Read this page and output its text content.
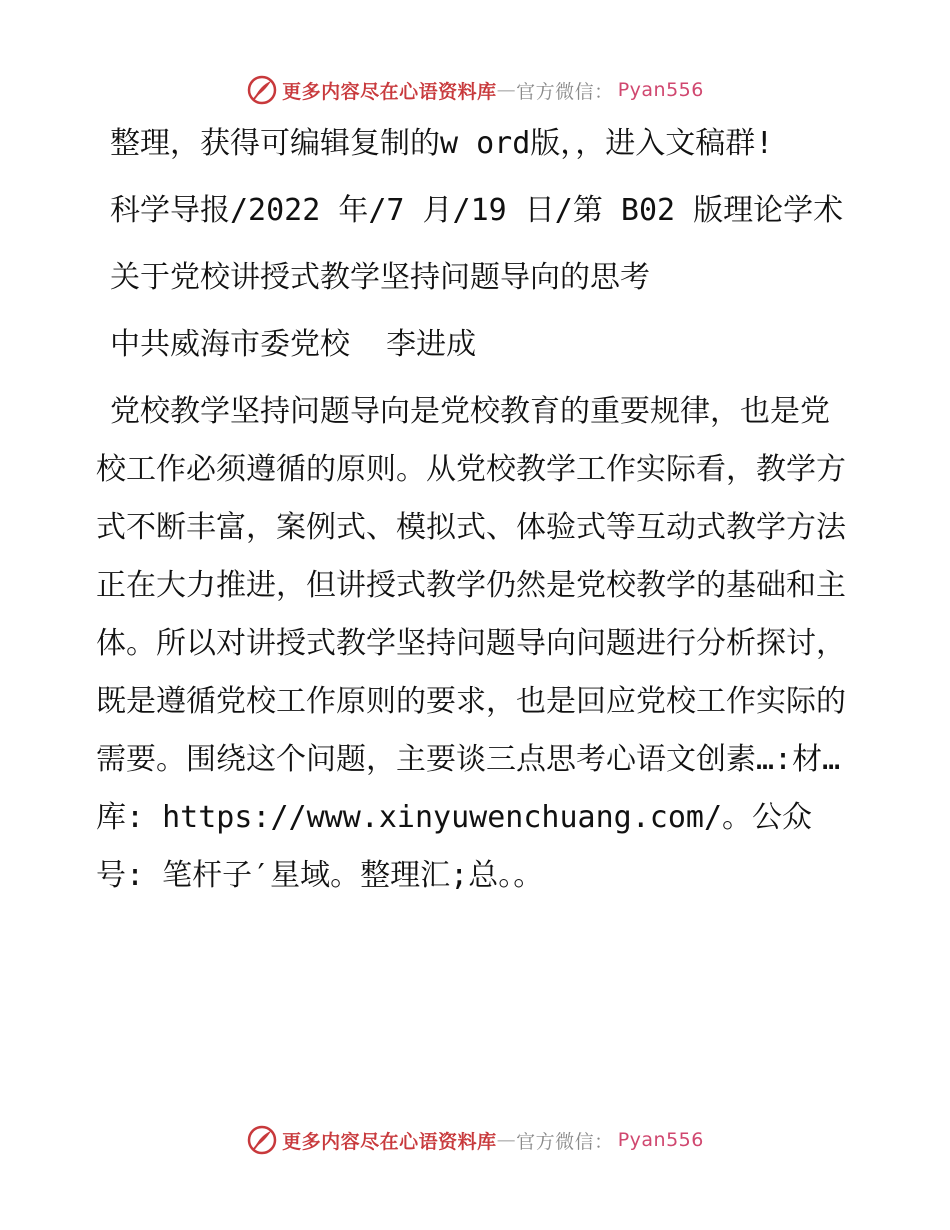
更多内容尽在心语资料库 — 官方微信 ： Pyan556

整理，获得可编辑复制的w ord版，，进入文稿群!

科学导报/2022 年/7 月/19 日/第 B02 版理论学术

关于党校讲授式教学坚持问题导向的思考

中共威海市委党校  李进成

党校教学坚持问题导向是党校教育的重要规律，也是党校工作必须遵循的原则。从党校教学工作实际看，教学方式不断丰富，案例式、模拟式、体验式等互动式教学方法正在大力推进，但讲授式教学仍然是党校教学的基础和主体。所以对讲授式教学坚持问题导向问题进行分析探讨，既是遵循党校工作原则的要求，也是回应党校工作实际的需要。围绕这个问题，主要谈三点思考心语文创素…:材…库: https://www.xinyuwenchuang.com/。公众号: 笔杆子′星域。整理汇;总。。

更多内容尽在心语资料库 — 官方微信 ： Pyan556
